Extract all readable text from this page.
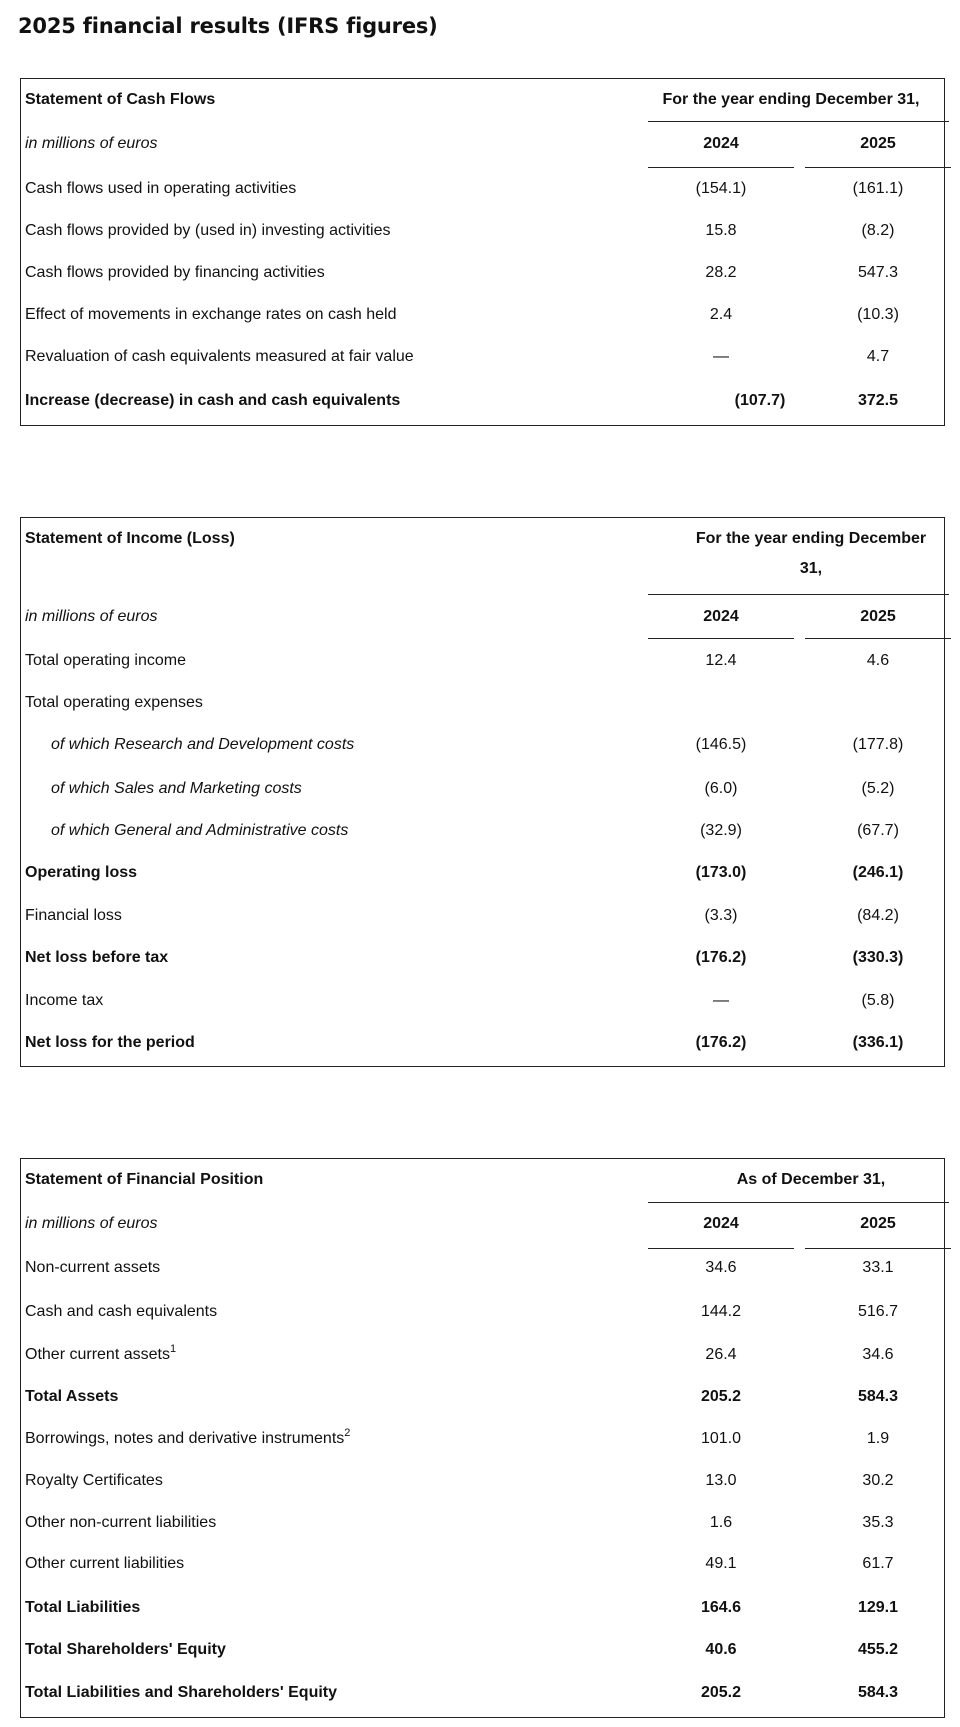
2025 financial results (IFRS figures)
Statement of Cash Flows	For the year ending December 31,
in millions of euros	2024	2025
Cash flows used in operating activities	(154.1)	(161.1)
Cash flows provided by (used in) investing activities	15.8	(8.2)
Cash flows provided by financing activities	28.2	547.3
Effect of movements in exchange rates on cash held	2.4	(10.3)
Revaluation of cash equivalents measured at fair value	—	4.7
Increase (decrease) in cash and cash equivalents	(107.7)	372.5
Statement of Income (Loss)	For the year ending December
31,
in millions of euros	2024	2025
Total operating income	12.4	4.6
Total operating expenses
of which Research and Development costs	(146.5)	(177.8)
of which Sales and Marketing costs	(6.0)	(5.2)
of which General and Administrative costs	(32.9)	(67.7)
Operating loss	(173.0)	(246.1)
Financial loss	(3.3)	(84.2)
Net loss before tax	(176.2)	(330.3)
Income tax	—	(5.8)
Net loss for the period	(176.2)	(336.1)
Statement of Financial Position	As of December 31,
in millions of euros	2024	2025
Non-current assets	34.6	33.1
Cash and cash equivalents	144.2	516.7
Other current assets$^1$	26.4	34.6
Total Assets	205.2	584.3
Borrowings, notes and derivative instruments$^2$	101.0	1.9
Royalty Certificates	13.0	30.2
Other non-current liabilities	1.6	35.3
Other current liabilities	49.1	61.7
Total Liabilities	164.6	129.1
Total Shareholders' Equity	40.6	455.2
Total Liabilities and Shareholders' Equity	205.2	584.3
